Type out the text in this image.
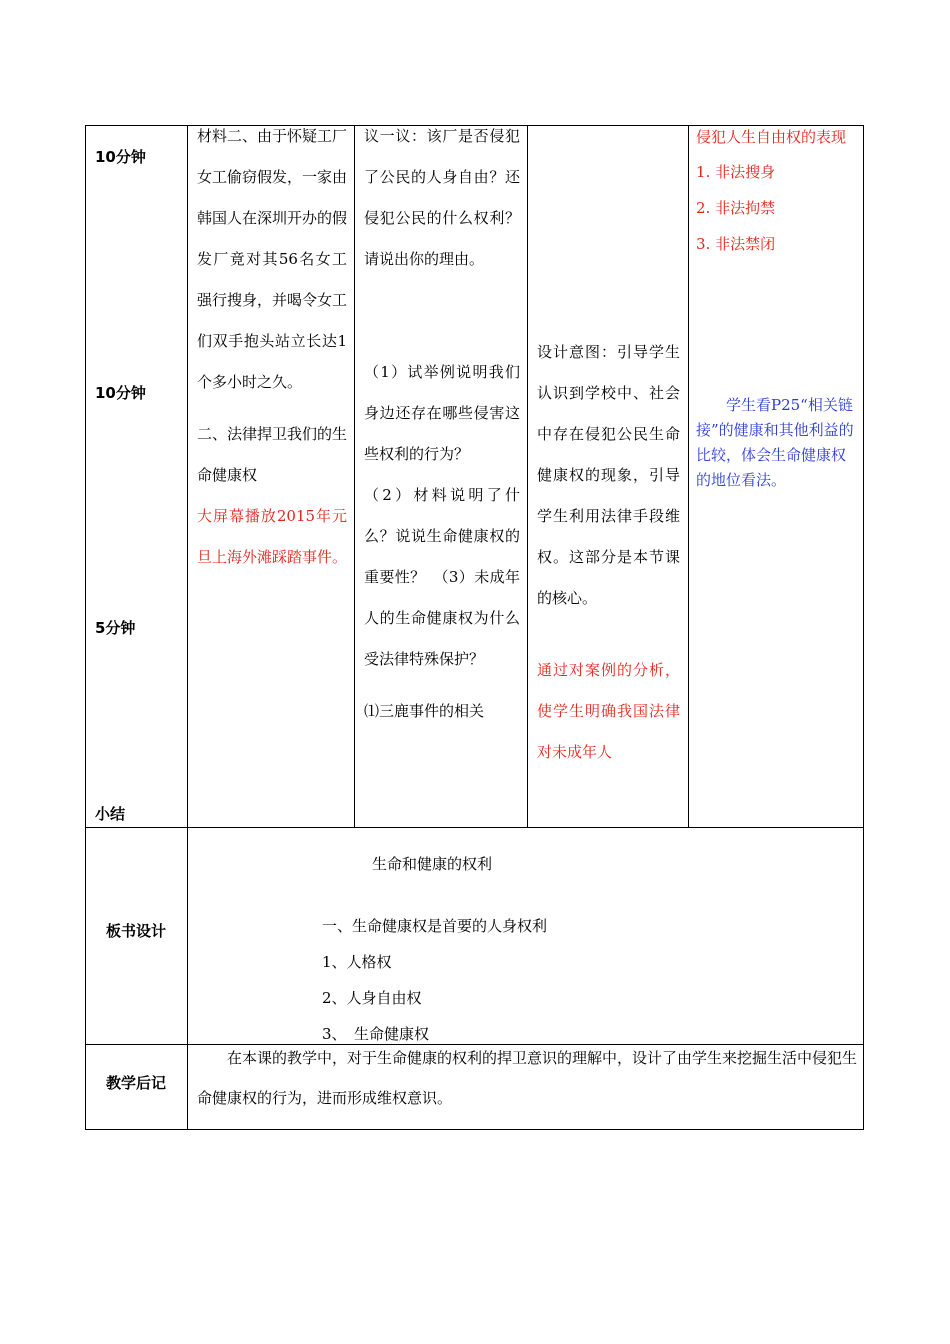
10分钟
10分钟
5分钟
小结

材料二、由于怀疑工厂女工偷窃假发，一家由韩国人在深圳开办的假发厂竟对其56名女工强行搜身，并喝令女工们双手抱头站立长达1个多小时之久。

二、法律捍卫我们的生命健康权

大屏幕播放2015年元旦上海外滩踩踏事件。

议一议：该厂是否侵犯了公民的人身自由？还侵犯公民的什么权利？请说出你的理由。

（1）试举例说明我们身边还存在哪些侵害这些权利的行为？

（2）材料说明了什么？说说生命健康权的重要性？　（3）未成年人的生命健康权为什么受法律特殊保护？

⑴三鹿事件的相关

设计意图：引导学生认识到学校中、社会中存在侵犯公民生命健康权的现象，引导学生利用法律手段维权。这部分是本节课的核心。

通过对案例的分析，使学生明确我国法律对未成年人

侵犯人生自由权的表现

1. 非法搜身

2. 非法拘禁

3. 非法禁闭

学生看P25“相关链接”的健康和其他利益的比较，体会生命健康权的地位看法。

板书设计
生命和健康的权利
一、生命健康权是首要的人身权利
1、人格权
2、人身自由权
3、　生命健康权
教学后记
在本课的教学中，对于生命健康的权利的捍卫意识的理解中，设计了由学生来挖掘生活中侵犯生命健康权的行为，进而形成维权意识。
